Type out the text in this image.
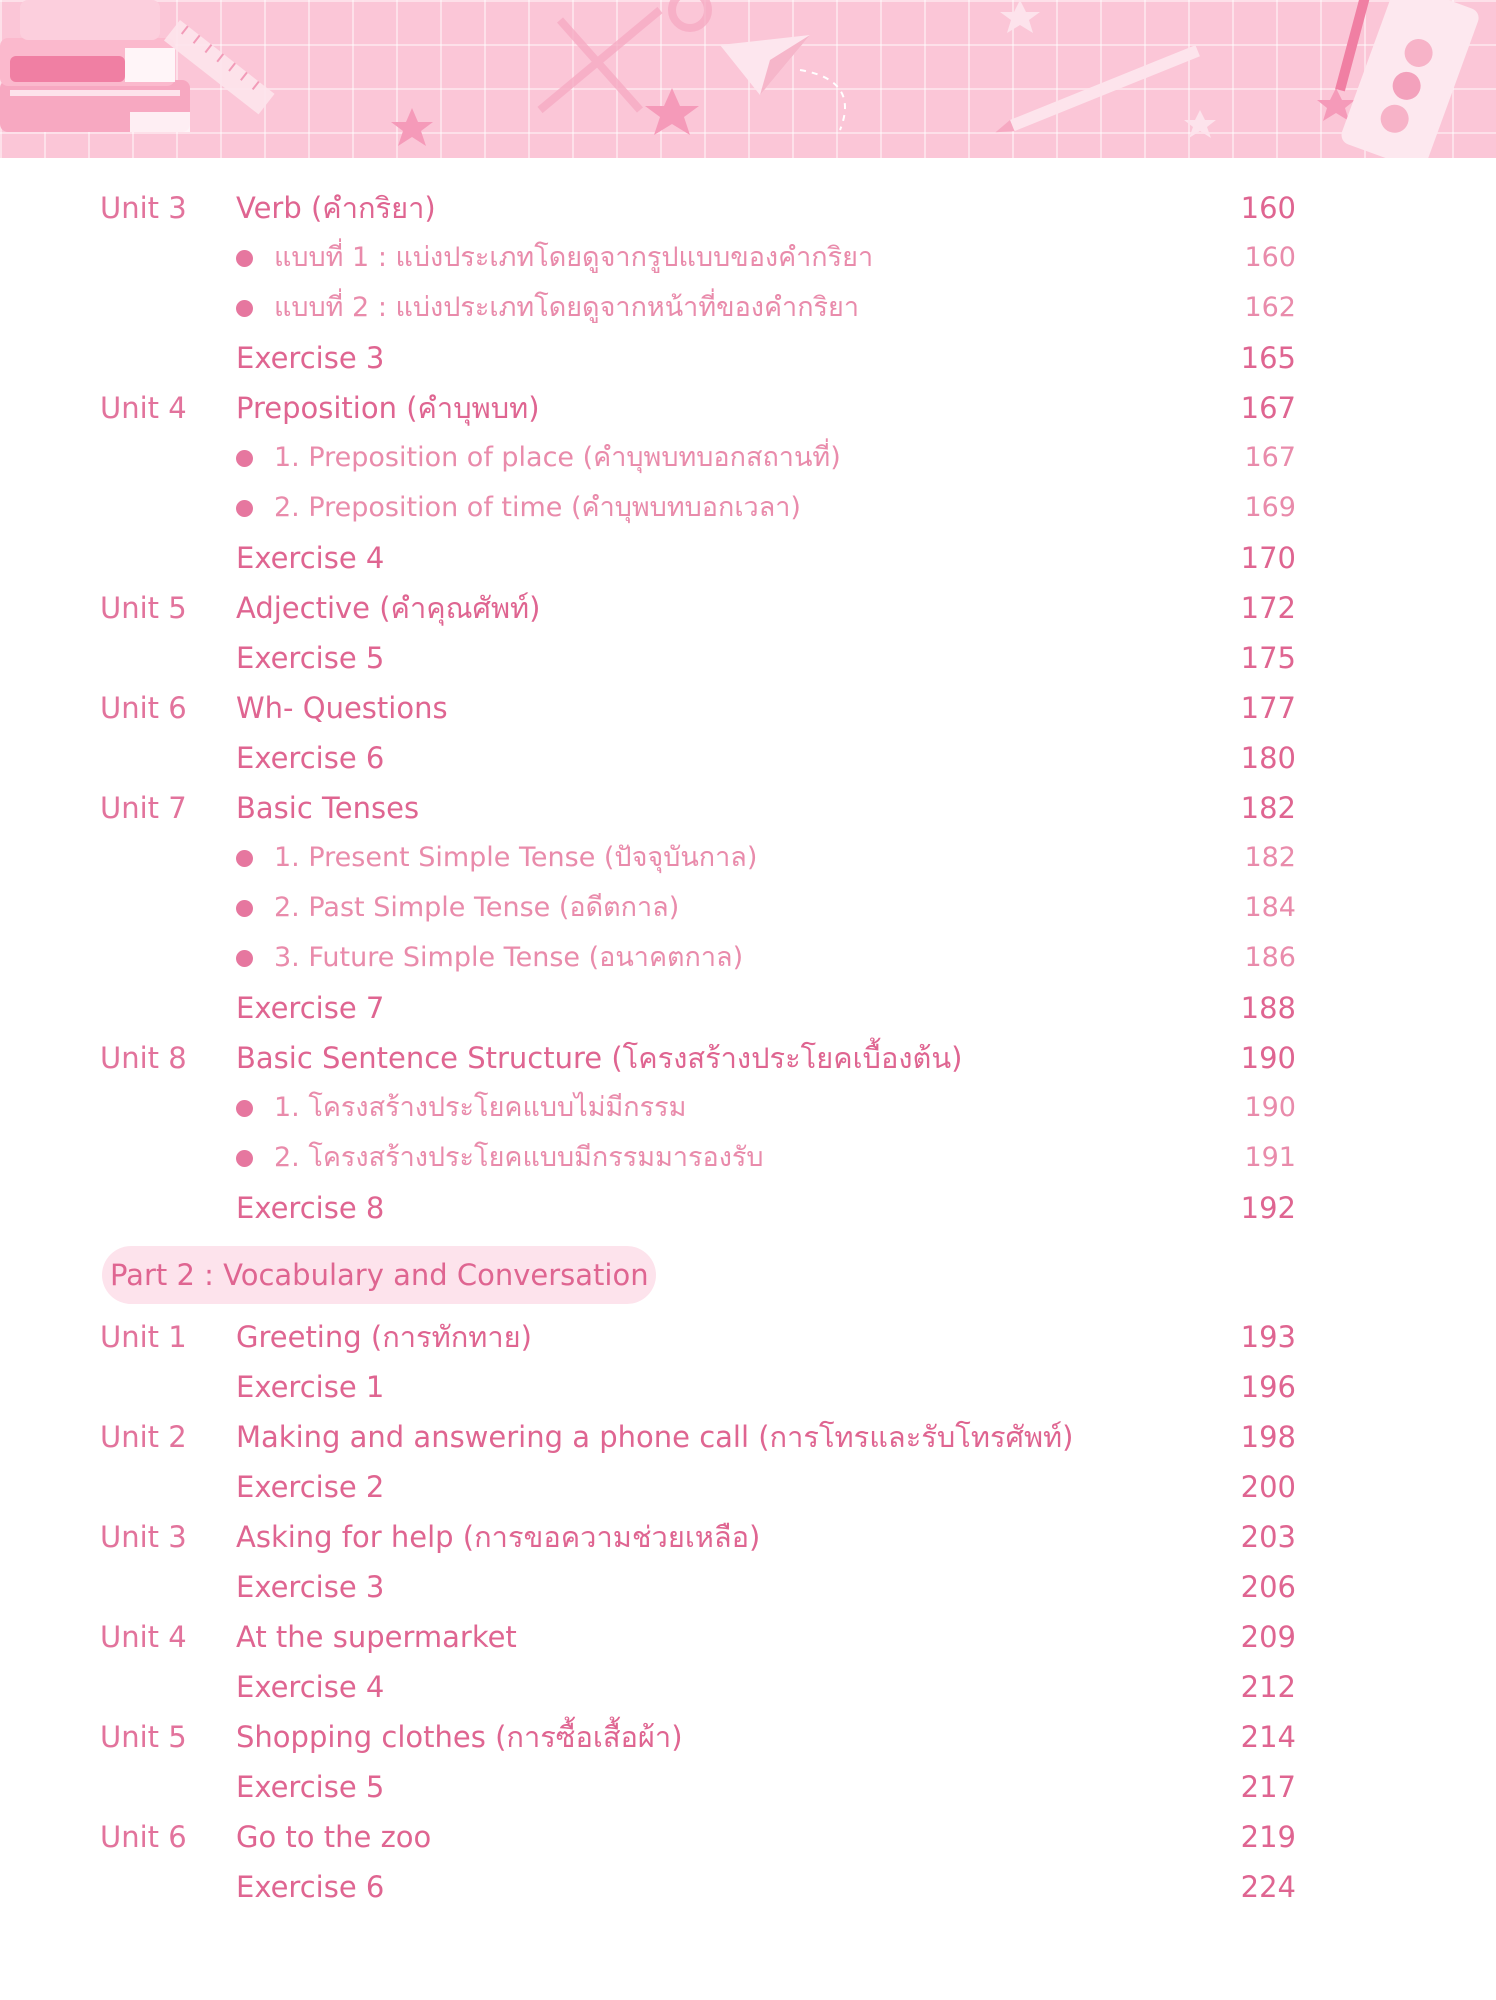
Unit 3 Verb (คำกริยา)	160
แบบที่ 1 : แบ่งประเภทโดยดูจากรูปแบบของคำกริยา	160
แบบที่ 2 : แบ่งประเภทโดยดูจากหน้าที่ของคำกริยา	162
Exercise 3	165
Unit 4 Preposition (คำบุพบท)	167
1. Preposition of place (คำบุพบทบอกสถานที่)	167
2. Preposition of time (คำบุพบทบอกเวลา)	169
Exercise 4	170
Unit 5 Adjective (คำคุณศัพท์)	172
Exercise 5	175
Unit 6 Wh- Questions	177
Exercise 6	180
Unit 7 Basic Tenses	182
1. Present Simple Tense (ปัจจุบันกาล)	182
2. Past Simple Tense (อดีตกาล)	184
3. Future Simple Tense (อนาคตกาล)	186
Exercise 7	188
Unit 8 Basic Sentence Structure (โครงสร้างประโยคเบื้องต้น)	190
1. โครงสร้างประโยคแบบไม่มีกรรม	190
2. โครงสร้างประโยคแบบมีกรรมมารองรับ	191
Exercise 8	192
Unit 1 Greeting (การทักทาย)	193
Exercise 1	196
Unit 2 Making and answering a phone call (การโทรและรับโทรศัพท์)	198
Exercise 2	200
Unit 3 Asking for help (การขอความช่วยเหลือ)	203
Exercise 3	206
Unit 4 At the supermarket	209
Exercise 4	212
Unit 5 Shopping clothes (การซื้อเสื้อผ้า)	214
Exercise 5	217
Unit 6 Go to the zoo	219
Exercise 6	224
Part 2 : Vocabulary and Conversation
